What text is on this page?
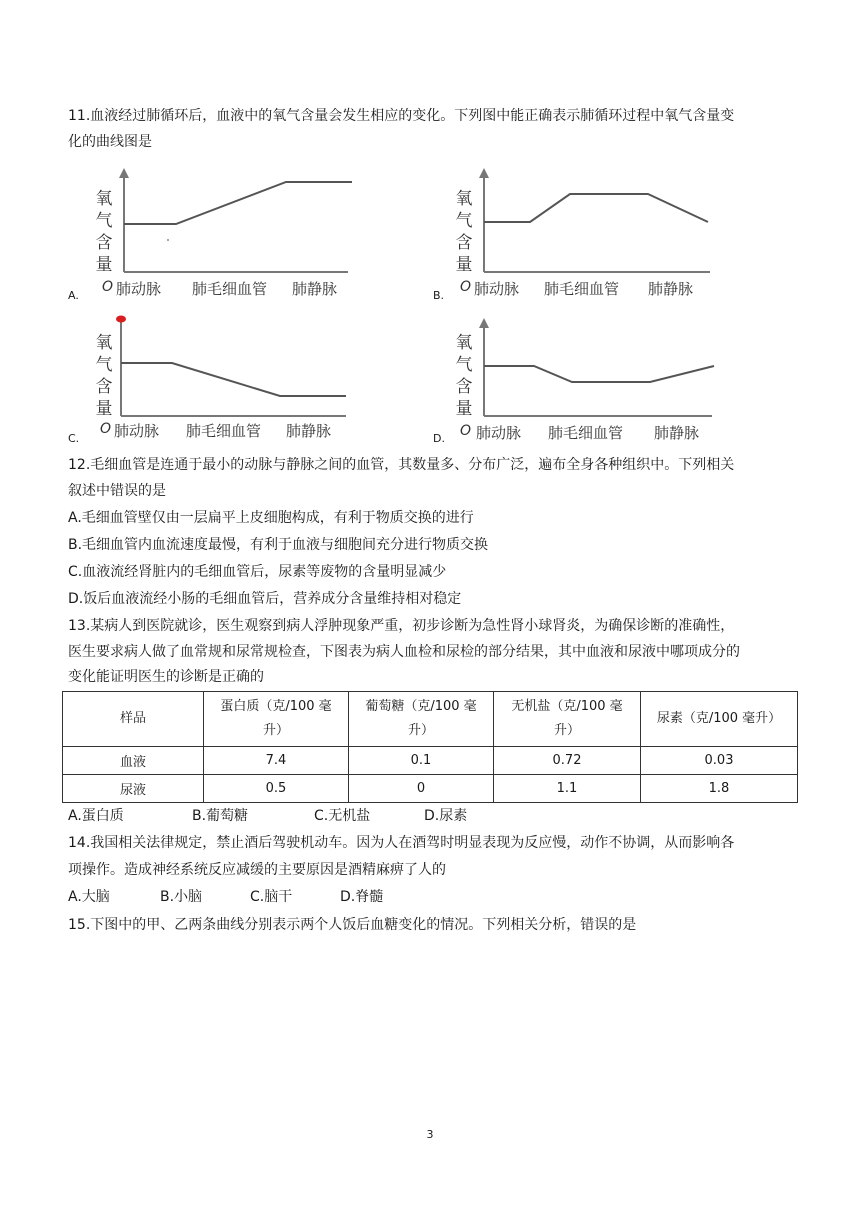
11.血液经过肺循环后，血液中的氧气含量会发生相应的变化。下列图中能正确表示肺循环过程中氧气含量变
化的曲线图是
氧
气
含
量
O 肺动脉 肺毛细血管 肺静脉
A.
氧
气
含
量
O 肺动脉 肺毛细血管 肺静脉
B.
氧
气
含
量
O 肺动脉 肺毛细血管 肺静脉
C.
氧
气
含
量
O 肺动脉 肺毛细血管 肺静脉
D.
12.毛细血管是连通于最小的动脉与静脉之间的血管，其数量多、分布广泛，遍布全身各种组织中。下列相关
叙述中错误的是
A.毛细血管壁仅由一层扁平上皮细胞构成，有利于物质交换的进行
B.毛细血管内血流速度最慢，有利于血液与细胞间充分进行物质交换
C.血液流经肾脏内的毛细血管后，尿素等废物的含量明显减少
D.饭后血液流经小肠的毛细血管后，营养成分含量维持相对稳定
13.某病人到医院就诊，医生观察到病人浮肿现象严重，初步诊断为急性肾小球肾炎，为确保诊断的准确性，
医生要求病人做了血常规和尿常规检查，下图表为病人血检和尿检的部分结果，其中血液和尿液中哪项成分的
变化能证明医生的诊断是正确的
样品	蛋白质（克/100 毫
升）	葡萄糖（克/100 毫
升）	无机盐（克/100 毫
升）	尿素（克/100 毫升）
血液	7.4	0.1	0.72	0.03
尿液	0.5	0	1.1	1.8
A.蛋白质	B.葡萄糖	C.无机盐	D.尿素
14.我国相关法律规定，禁止酒后驾驶机动车。因为人在酒驾时明显表现为反应慢，动作不协调，从而影响各
项操作。造成神经系统反应减缓的主要原因是酒精麻痹了人的
A.大脑	B.小脑	C.脑干	D.脊髓
15.下图中的甲、乙两条曲线分别表示两个人饭后血糖变化的情况。下列相关分析，错误的是
3
